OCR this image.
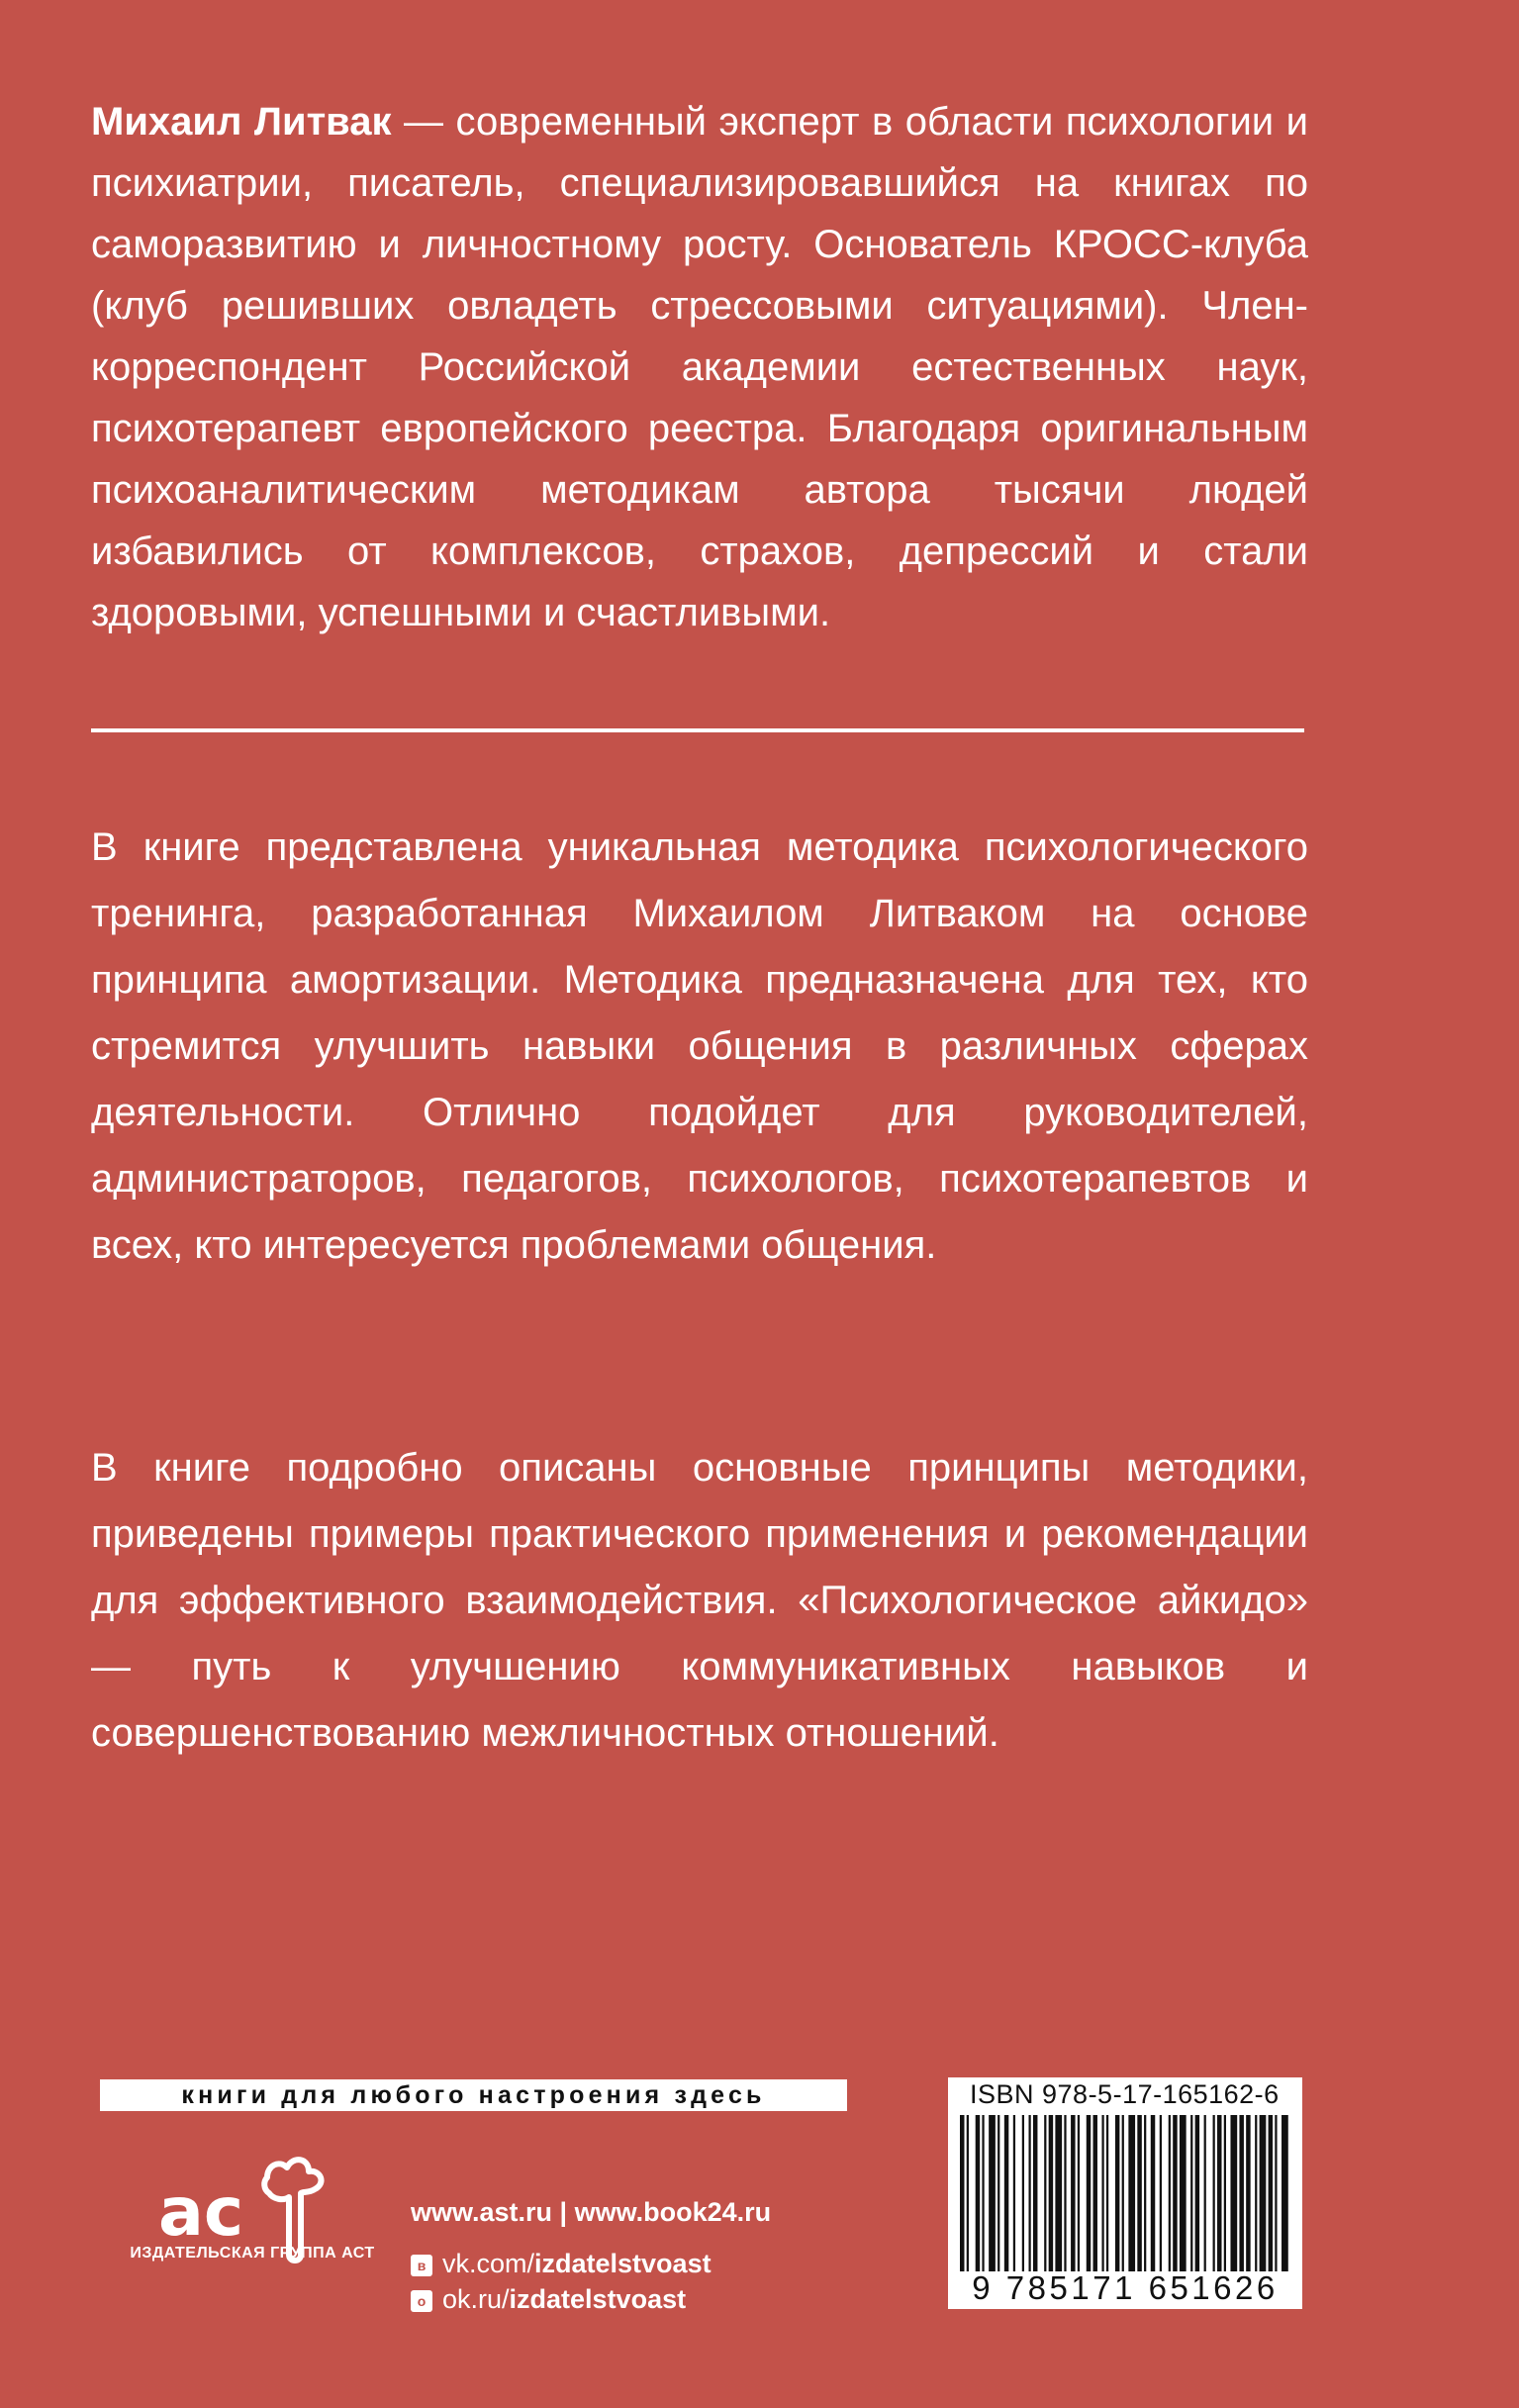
Михаил Литвак — современный эксперт в области психологии и психиатрии, писатель, специализировавшийся на книгах по саморазвитию и личностному росту. Основатель КРОСС-клуба (клуб решивших овладеть стрессовыми ситуациями). Член-корреспондент Российской академии естественных наук, психотерапевт европейского реестра. Благодаря оригинальным психоаналитическим методикам автора тысячи людей избавились от комплексов, страхов, депрессий и стали здоровыми, успешными и счастливыми.
В книге представлена уникальная методика психологического тренинга, разработанная Михаилом Литваком на основе принципа амортизации. Методика предназначена для тех, кто стремится улучшить навыки общения в различных сферах деятельности. Отлично подойдет для руководителей, администраторов, педагогов, психологов, психотерапевтов и всех, кто интересуется проблемами общения.
В книге подробно описаны основные принципы методики, приведены примеры практического применения и рекомендации для эффективного взаимодействия. «Психологическое айкидо» — путь к улучшению коммуникативных навыков и совершенствованию межличностных отношений.
книги для любого настроения здесь
ac
ИЗДАТЕЛЬСКАЯ ГРУППА АСТ
www.ast.ru | www.book24.ru
в vk.com/izdatelstvoast
о ok.ru/izdatelstvoast
ISBN 978-5-17-165162-6
9 785171 651626
